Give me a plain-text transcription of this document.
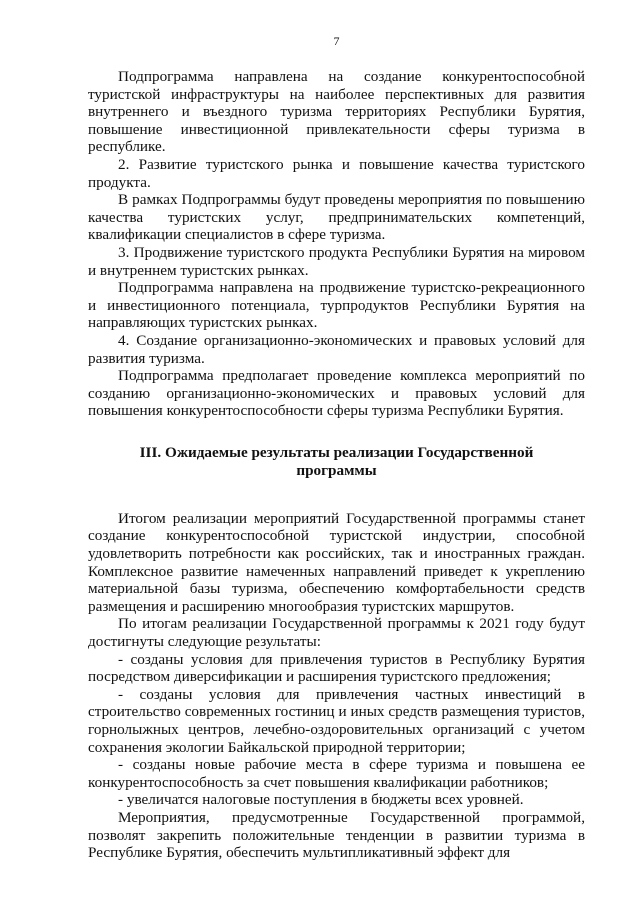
7

Подпрограмма направлена на создание конкурентоспособной туристской инфраструктуры на наиболее перспективных для развития внутреннего и въездного туризма территориях Республики Бурятия, повышение инвестиционной привлекательности сферы туризма в республике.

2. Развитие туристского рынка и повышение качества туристского продукта.

В рамках Подпрограммы будут проведены мероприятия по повышению качества туристских услуг, предпринимательских компетенций, квалификации специалистов в сфере туризма.

3. Продвижение туристского продукта Республики Бурятия на мировом и внутреннем туристских рынках.

Подпрограмма направлена на продвижение туристско-рекреационного и инвестиционного потенциала, турпродуктов Республики Бурятия на направляющих туристских рынках.

4. Создание организационно-экономических и правовых условий для развития туризма.

Подпрограмма предполагает проведение комплекса мероприятий по созданию организационно-экономических и правовых условий для повышения конкурентоспособности сферы туризма Республики Бурятия.

III. Ожидаемые результаты реализации Государственной программы

Итогом реализации мероприятий Государственной программы станет создание конкурентоспособной туристской индустрии, способной удовлетворить потребности как российских, так и иностранных граждан. Комплексное развитие намеченных направлений приведет к укреплению материальной базы туризма, обеспечению комфортабельности средств размещения и расширению многообразия туристских маршрутов.

По итогам реализации Государственной программы к 2021 году будут достигнуты следующие результаты:

- созданы условия для привлечения туристов в Республику Бурятия посредством диверсификации и расширения туристского предложения;

- созданы условия для привлечения частных инвестиций в строительство современных гостиниц и иных средств размещения туристов, горнолыжных центров, лечебно-оздоровительных организаций с учетом сохранения экологии Байкальской природной территории;

- созданы новые рабочие места в сфере туризма и повышена ее конкурентоспособность за счет повышения квалификации работников;

- увеличатся налоговые поступления в бюджеты всех уровней.

Мероприятия, предусмотренные Государственной программой, позволят закрепить положительные тенденции в развитии туризма в Республике Бурятия, обеспечить мультипликативный эффект для
